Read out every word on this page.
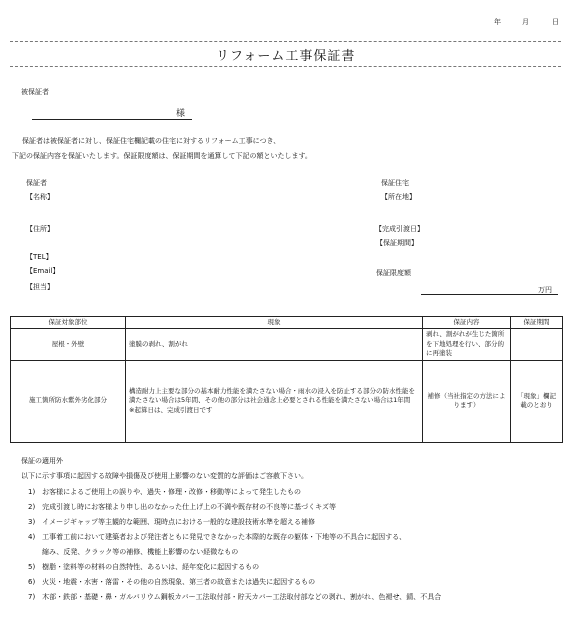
年	月	日
リフォーム工事保証書
被保証者
様
保証者は被保証者に対し、保証住宅欄記載の住宅に対するリフォーム工事につき、
下記の保証内容を保証いたします。保証限度額は、保証期間を通算して下記の額といたします。
保証者
【名称】
【住所】
【TEL】
【Email】
【担当】
保証住宅
【所在地】
【完成引渡日】
【保証期間】
保証限度額
万円
保証対象部位	現象	保証内容	保証期間
屋根・外壁	塗膜の剥れ、割がれ	剥れ、割がれが生じた箇所を下地処理を行い、部分的に再塗装	
施工箇所防水紫外劣化部分	構造耐力上主要な部分の基本耐力性能を満たさない場合・雨水の浸入を防止する部分の防水性能を満たさない場合は5年間、その他の部分は社会通念上必要とされる性能を満たさない場合は1年間　　※起算日は、完成引渡日です	補修（当社指定の方法によります）	「現象」欄記載のとおり
保証の適用外
以下に示す事項に起因する故障や損傷及び使用上影響のない変質的な評価はご容赦下さい。
1)　お客様によるご使用上の誤りや、過失・修理・改修・移動等によって発生したもの
2)　完成引渡し時にお客様より申し出のなかった仕上げ上の不満や既存材の不良等に基づくキズ等
3)　イメージギャップ等主観的な範囲、現時点における一般的な建設技術水準を超える補修
4)　工事着工前において建築者および発注者ともに発見できなかった本際的な既存の躯体・下地等の不具合に起因する、
　　縮み、反発、クラック等の補修、機能上影響のない経微なもの
5)　樹脂・塗料等の材料の自然特性、あるいは、経年変化に起因するもの
6)　火災・地震・水害・落雷・その他の自然現象、第三者の故意または過失に起因するもの
7)　木部・鉄部・基礎・鼻・ガルバリウム鋼板カバー工法取付部・貯天カバー工法取付部などの剥れ、割がれ、色褪せ、錆、不具合
